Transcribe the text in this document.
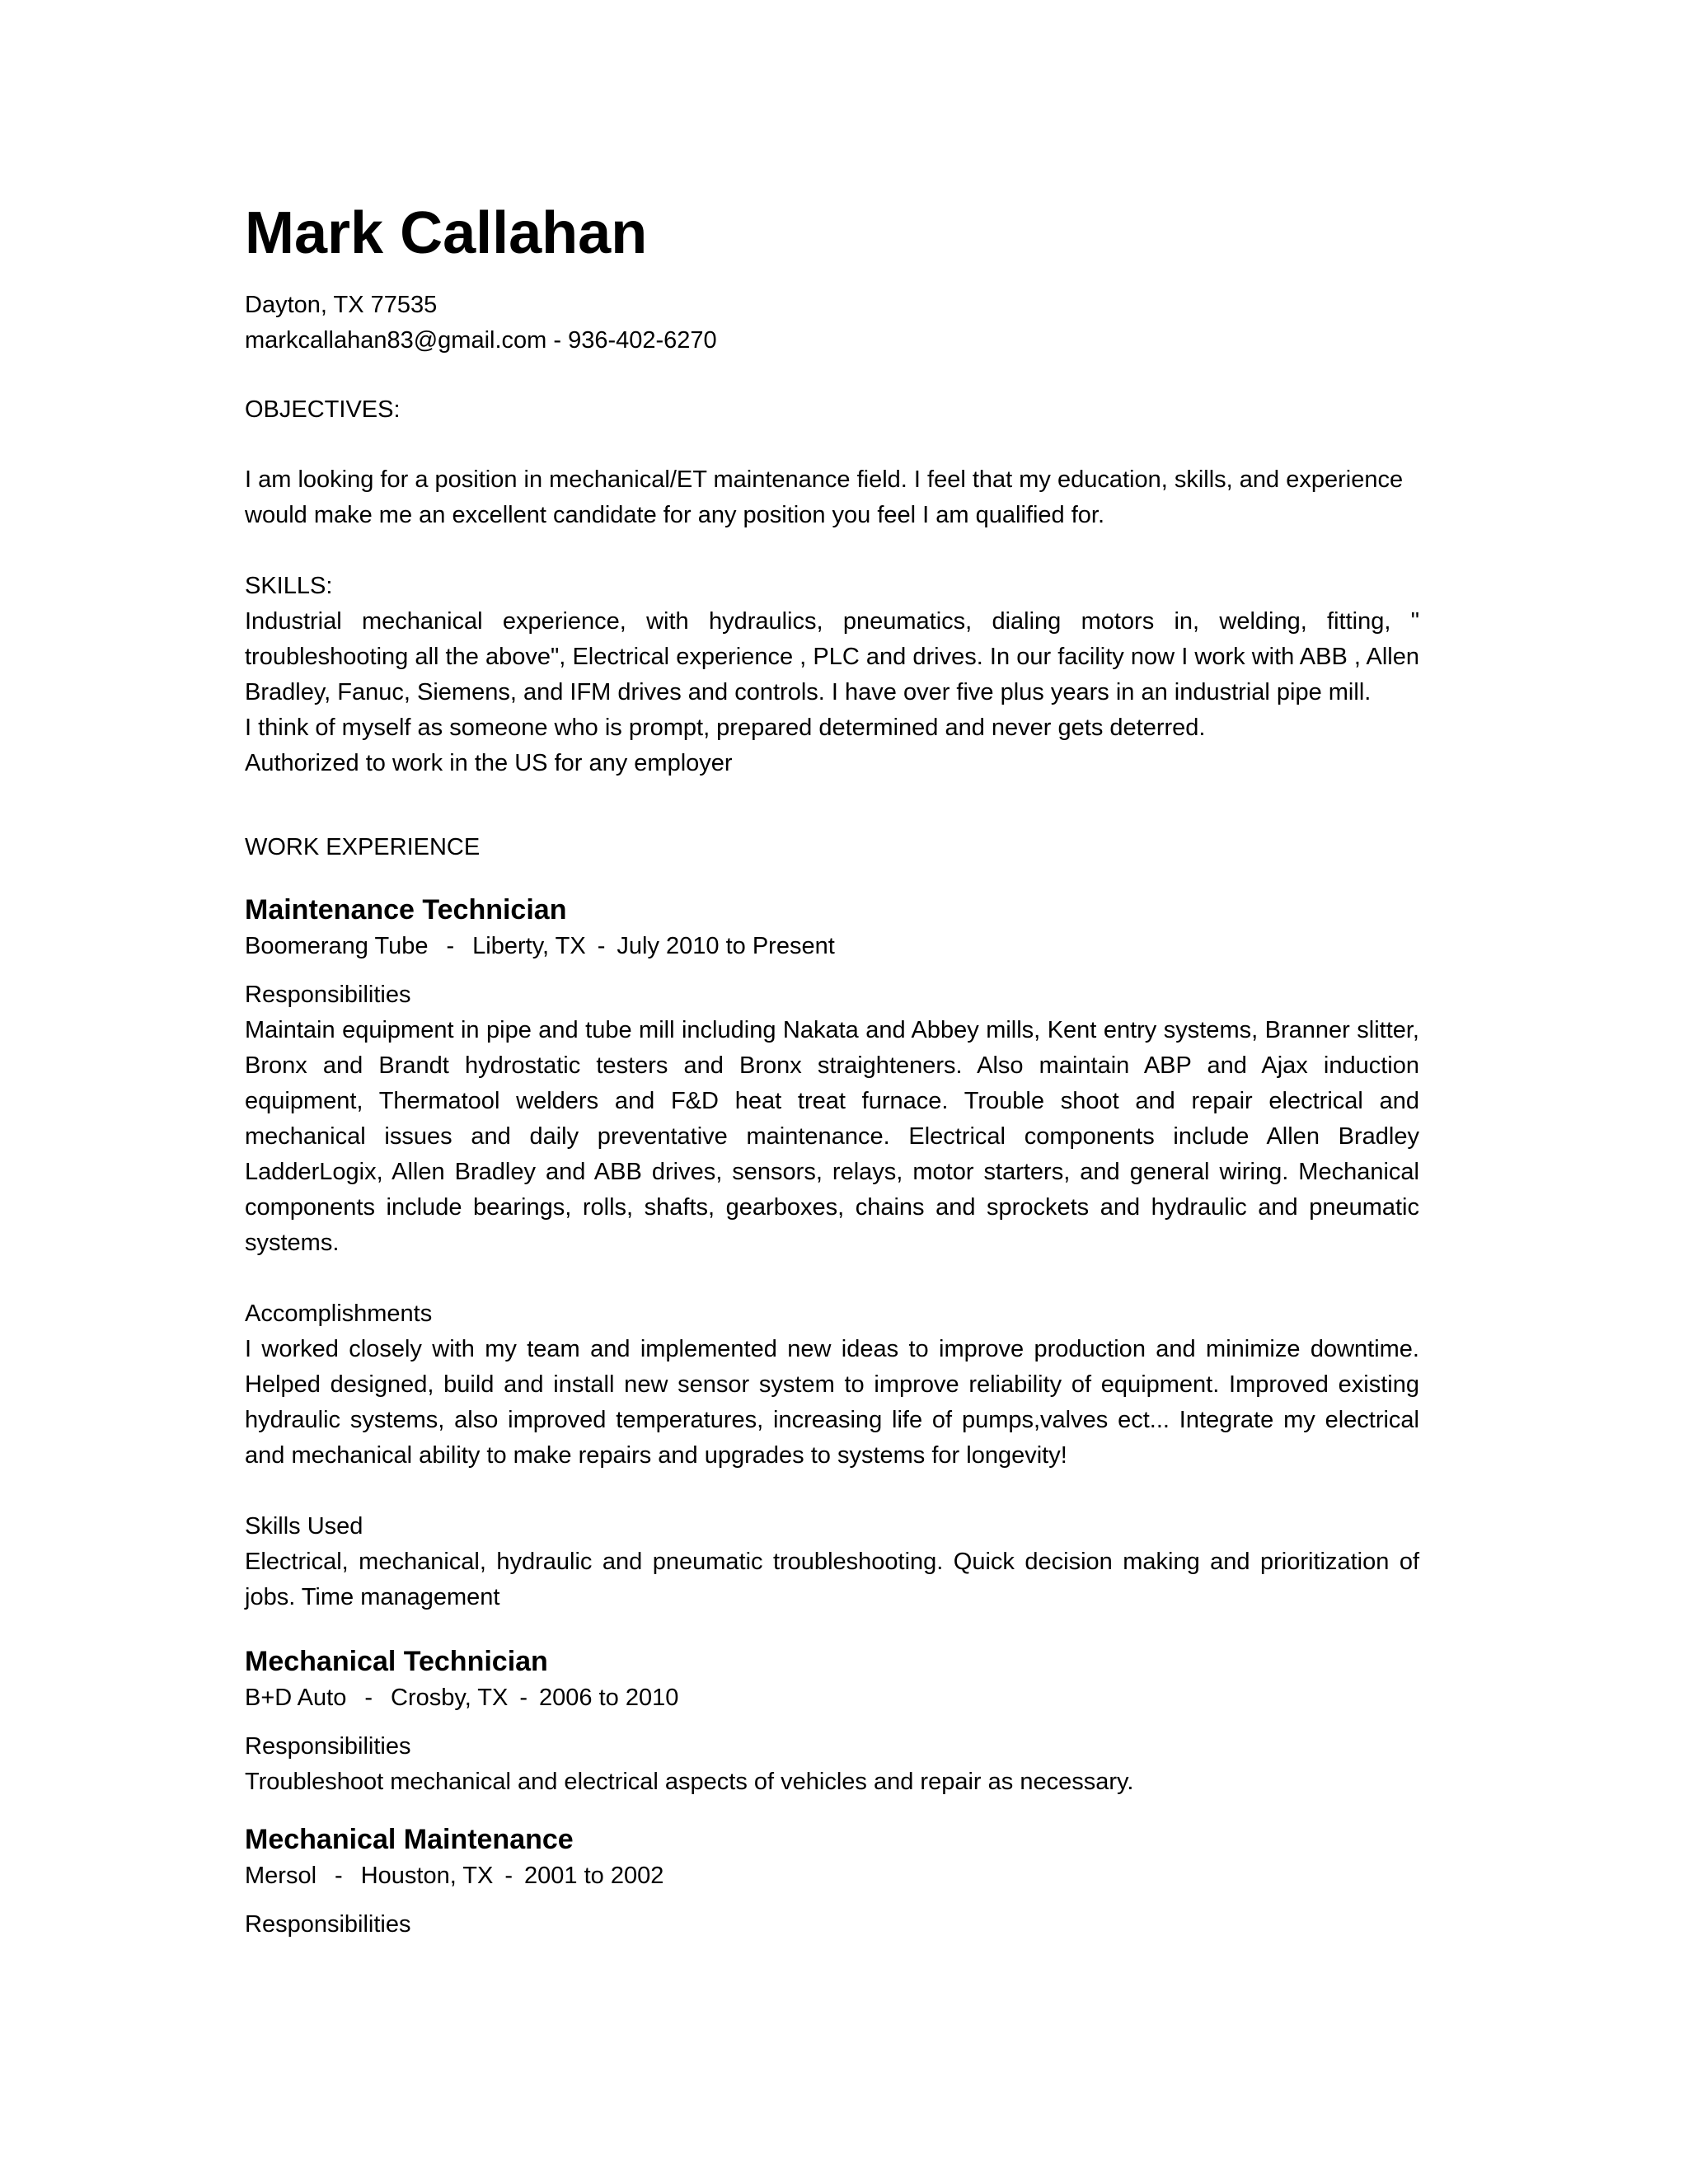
Mark Callahan
Dayton, TX 77535
markcallahan83@gmail.com - 936-402-6270
OBJECTIVES:

I am looking for a position in mechanical/ET maintenance field. I feel that my education, skills, and experience would make me an excellent candidate for any position you feel I am qualified for.

SKILLS:

Industrial mechanical experience, with hydraulics, pneumatics, dialing motors in, welding, fitting, " troubleshooting all the above", Electrical experience , PLC and drives. In our facility now I work with ABB , Allen Bradley, Fanuc, Siemens, and IFM drives and controls. I have over five plus years in an industrial pipe mill.

I think of myself as someone who is prompt, prepared determined and never gets deterred.
Authorized to work in the US for any employer
WORK EXPERIENCE
Maintenance Technician
Boomerang Tube - Liberty, TX - July 2010 to Present
Responsibilities

Maintain equipment in pipe and tube mill including Nakata and Abbey mills, Kent entry systems, Branner slitter, Bronx and Brandt hydrostatic testers and Bronx straighteners. Also maintain ABP and Ajax induction equipment, Thermatool welders and F&D heat treat furnace. Trouble shoot and repair electrical and mechanical issues and daily preventative maintenance. Electrical components include Allen Bradley LadderLogix, Allen Bradley and ABB drives, sensors, relays, motor starters, and general wiring. Mechanical components include bearings, rolls, shafts, gearboxes, chains and sprockets and hydraulic and pneumatic systems.

Accomplishments

I worked closely with my team and implemented new ideas to improve production and minimize downtime. Helped designed, build and install new sensor system to improve reliability of equipment. Improved existing hydraulic systems, also improved temperatures, increasing life of pumps,valves ect... Integrate my electrical and mechanical ability to make repairs and upgrades to systems for longevity!

Skills Used

Electrical, mechanical, hydraulic and pneumatic troubleshooting. Quick decision making and prioritization of jobs. Time management

Mechanical Technician
B+D Auto - Crosby, TX - 2006 to 2010
Responsibilities
Troubleshoot mechanical and electrical aspects of vehicles and repair as necessary.
Mechanical Maintenance
Mersol - Houston, TX - 2001 to 2002
Responsibilities
